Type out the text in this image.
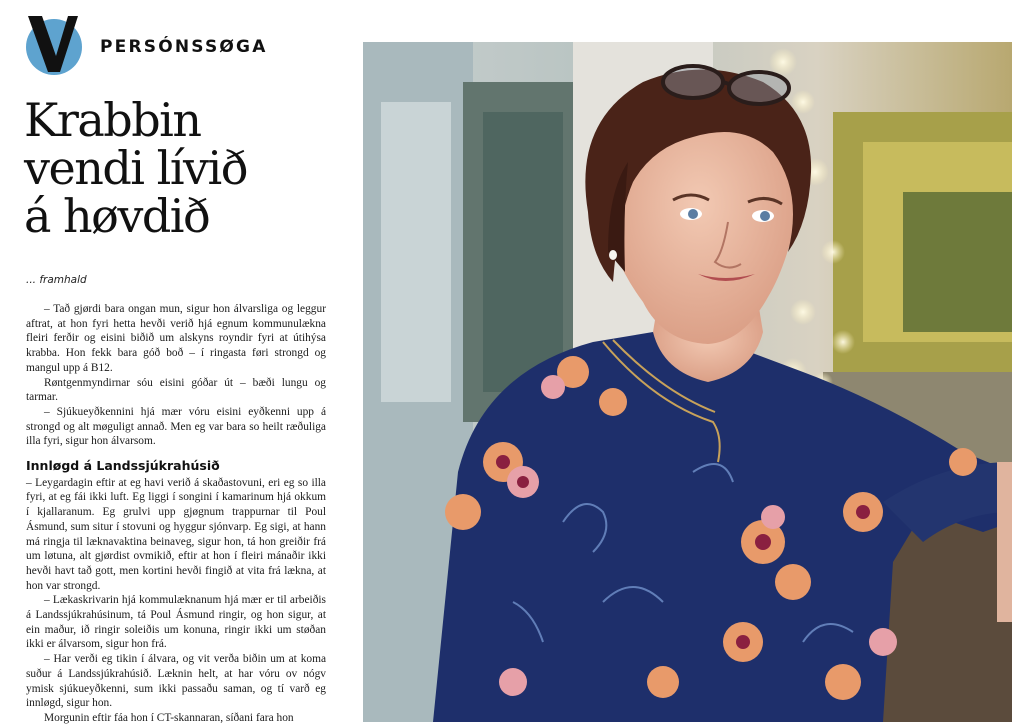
PERSÓNSSØGA
Krabbin
vendi lívið
á høvdið
... framhald

– Tað gjørdi bara ongan mun, sigur hon álvarsliga og leggur aftrat, at hon fyri hetta hevði verið hjá egnum kommunulækna fleiri ferðir og eisini biðið um alskyns royndir fyri at útihýsa krabba. Hon fekk bara góð boð – í ringasta føri strongd og mangul upp á B12.

Røntgenmyndirnar sóu eisini góðar út – bæði lungu og tarmar.

– Sjúkueyðkennini hjá mær vóru eisini eyðkenni upp á strongd og alt møguligt annað. Men eg var bara so heilt ræðuliga illa fyri, sigur hon álvarsom.

Innløgd á Landssjúkrahúsið

– Leygardagin eftir at eg havi verið á skaðastovuni, eri eg so illa fyri, at eg fái ikki luft. Eg liggi í songini í kamarinum hjá okkum í kjallaranum. Eg grulvi upp gjøgnum trappurnar til Poul Ásmund, sum situr í stovuni og hyggur sjónvarp. Eg sigi, at hann má ringja til læknavaktina beinaveg, sigur hon, tá hon greiðir frá um løtuna, alt gjørdist ovmikið, eftir at hon í fleiri mánaðir ikki hevði havt tað gott, men kortini hevði fingið at vita frá lækna, at hon var strongd.

– Lækaskrivarin hjá kommulæknanum hjá mær er til arbeiðis á Landssjúkrahúsinum, tá Poul Ásmund ringir, og hon sigur, at ein maður, ið ringir soleiðis um konuna, ringir ikki um støðan ikki er álvarsom, sigur hon frá.

– Har verði eg tikin í álvara, og vit verða biðin um at koma suður á Landssjúkrahúsið. Læknin helt, at har vóru ov nógv ymisk sjúkueyðkenni, sum ikki passaðu saman, og tí varð eg innløgd, sigur hon.

Morgunin eftir fáa hon í CT-skannaran, síðani fara hon
